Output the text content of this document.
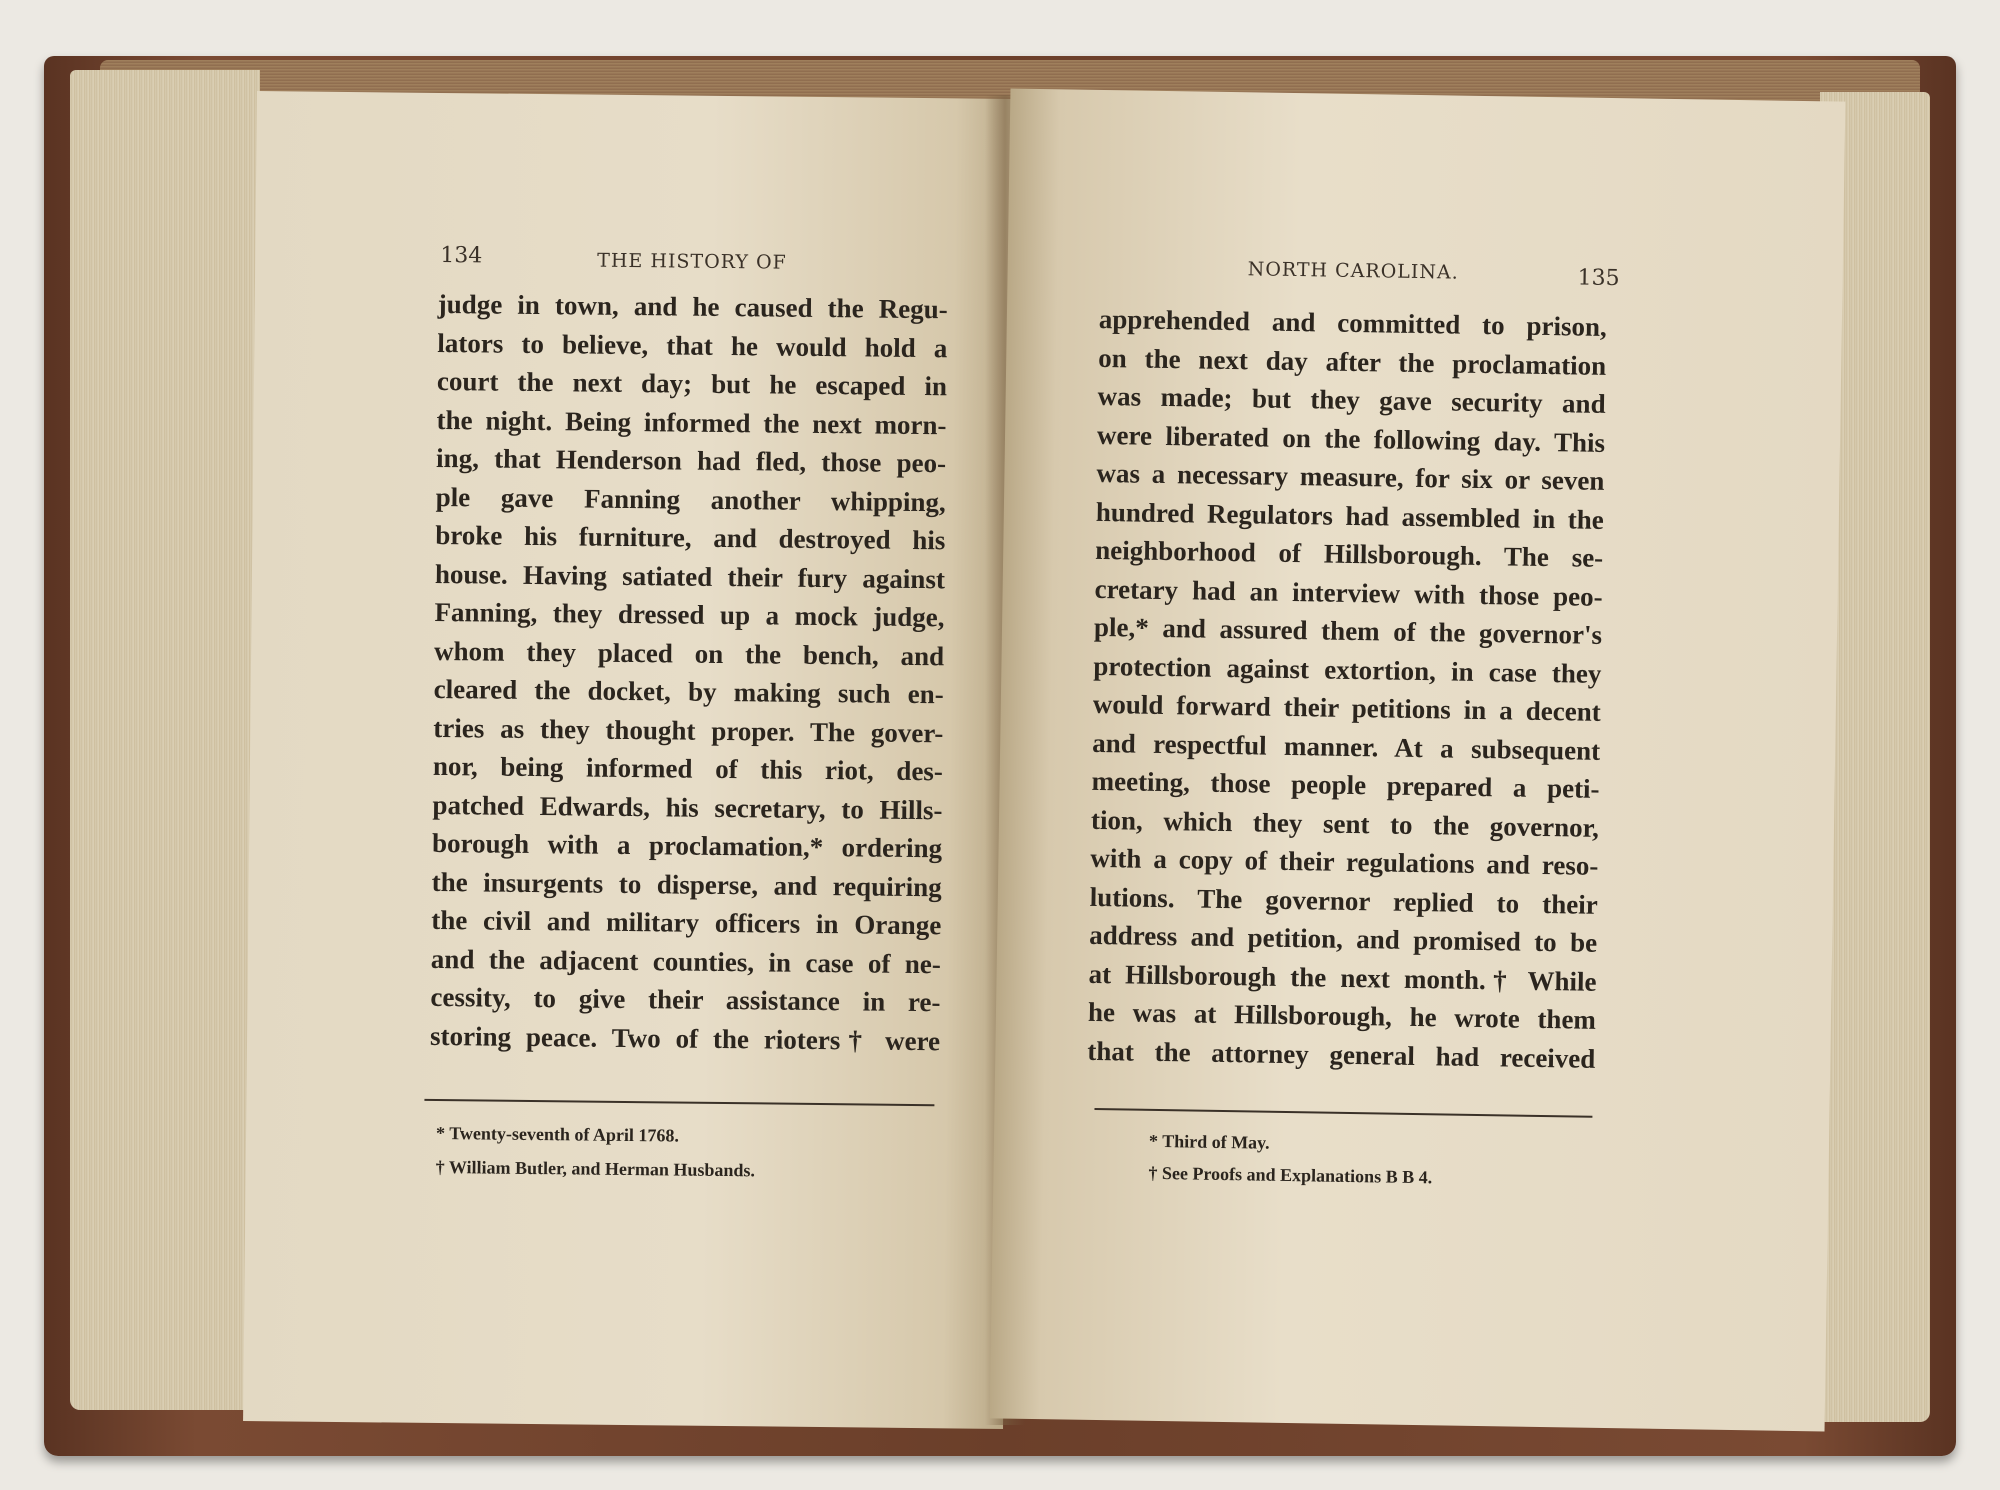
134	THE HISTORY OF
judge in town, and he caused the Regu-
lators to believe, that he would hold a
court the next day; but he escaped in
the night. Being informed the next morn-
ing, that Henderson had fled, those peo-
ple gave Fanning another whipping,
broke his furniture, and destroyed his
house. Having satiated their fury against
Fanning, they dressed up a mock judge,
whom they placed on the bench, and
cleared the docket, by making such en-
tries as they thought proper. The gover-
nor, being informed of this riot, des-
patched Edwards, his secretary, to Hills-
borough with a proclamation,* ordering
the insurgents to disperse, and requiring
the civil and military officers in Orange
and the adjacent counties, in case of ne-
cessity, to give their assistance in re-
storing peace. Two of the rioters† were
* Twenty-seventh of April 1768.
† William Butler, and Herman Husbands.
NORTH CAROLINA.	135
apprehended and committed to prison,
on the next day after the proclamation
was made; but they gave security and
were liberated on the following day. This
was a necessary measure, for six or seven
hundred Regulators had assembled in the
neighborhood of Hillsborough. The se-
cretary had an interview with those peo-
ple,* and assured them of the governor's
protection against extortion, in case they
would forward their petitions in a decent
and respectful manner. At a subsequent
meeting, those people prepared a peti-
tion, which they sent to the governor,
with a copy of their regulations and reso-
lutions. The governor replied to their
address and petition, and promised to be
at Hillsborough the next month.† While
he was at Hillsborough, he wrote them
that the attorney general had received
* Third of May.
† See Proofs and Explanations B B 4.
